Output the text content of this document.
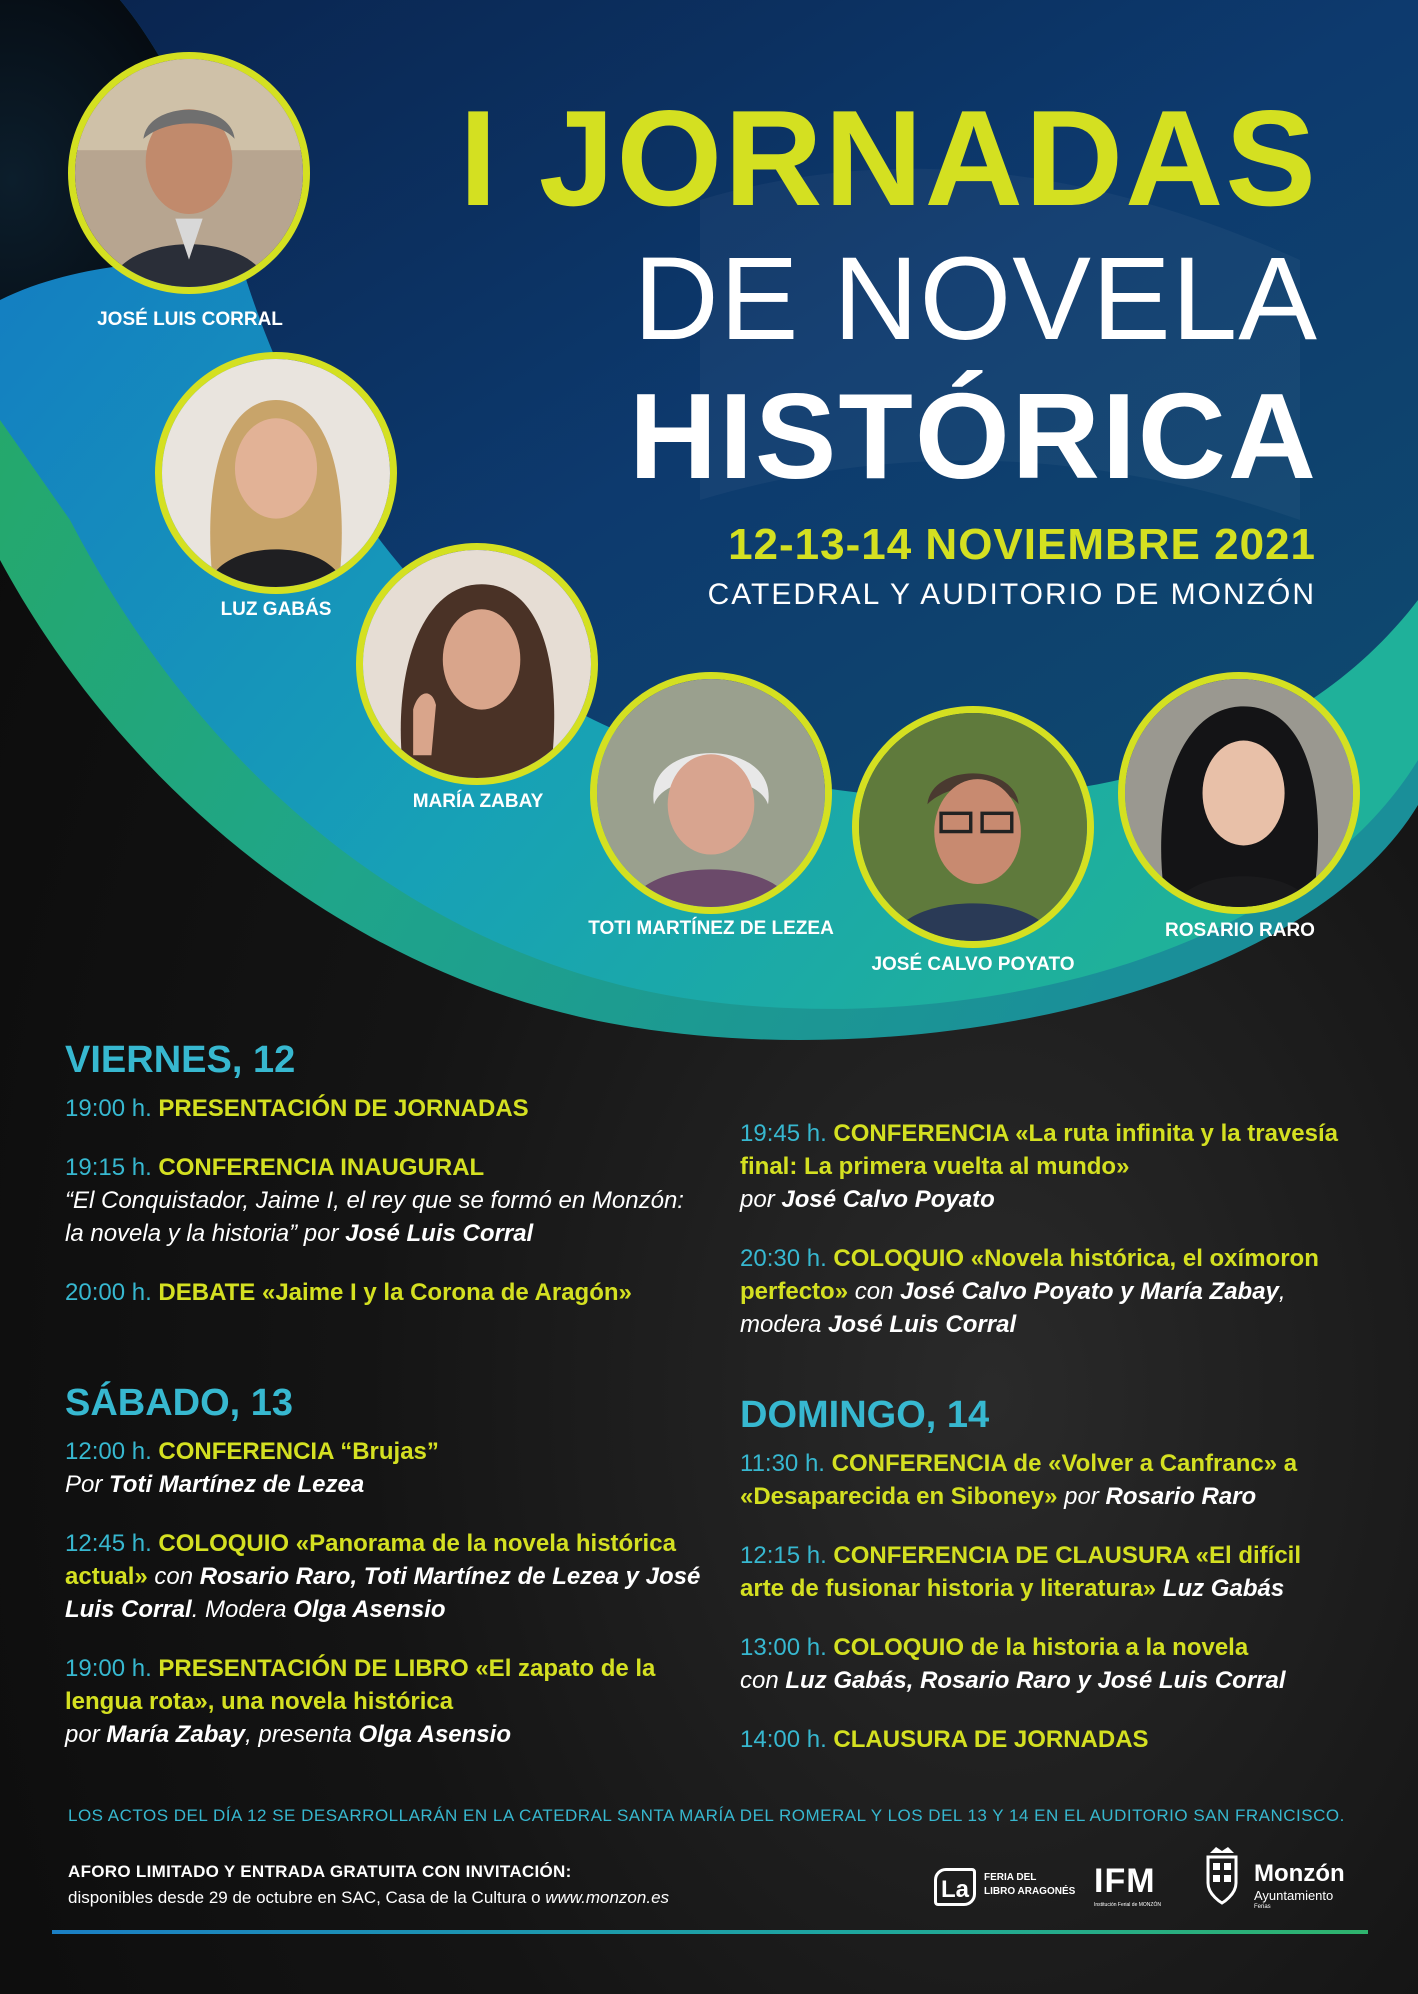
I JORNADAS
DE NOVELA
HISTÓRICA
12-13-14 NOVIEMBRE 2021
CATEDRAL Y AUDITORIO DE MONZÓN
JOSÉ LUIS CORRAL
LUZ GABÁS
MARÍA ZABAY
TOTI MARTÍNEZ DE LEZEA
JOSÉ CALVO POYATO
ROSARIO RARO
VIERNES, 12
19:00 h. PRESENTACIÓN DE JORNADAS
19:15 h. CONFERENCIA INAUGURAL
“El Conquistador, Jaime I, el rey que se formó en Monzón: la novela y la historia” por José Luis Corral
20:00 h. DEBATE «Jaime I y la Corona de Aragón»
SÁBADO, 13
12:00 h. CONFERENCIA “Brujas”
Por Toti Martínez de Lezea
12:45 h. COLOQUIO «Panorama de la novela histórica actual» con Rosario Raro, Toti Martínez de Lezea y José Luis Corral. Modera Olga Asensio
19:00 h. PRESENTACIÓN DE LIBRO «El zapato de la lengua rota», una novela histórica
por María Zabay, presenta Olga Asensio
19:45 h. CONFERENCIA «La ruta infinita y la travesía final: La primera vuelta al mundo»
por José Calvo Poyato
20:30 h. COLOQUIO «Novela histórica, el oxímoron perfecto» con José Calvo Poyato y María Zabay, modera José Luis Corral
DOMINGO, 14
11:30 h. CONFERENCIA de «Volver a Canfranc» a «Desaparecida en Siboney» por Rosario Raro
12:15 h. CONFERENCIA DE CLAUSURA «El difícil arte de fusionar historia y literatura» Luz Gabás
13:00 h. COLOQUIO de la historia a la novela
con Luz Gabás, Rosario Raro y José Luis Corral
14:00 h. CLAUSURA DE JORNADAS
LOS ACTOS DEL DÍA 12 SE DESARROLLARÁN EN LA CATEDRAL SANTA MARÍA DEL ROMERAL Y LOS DEL 13 Y 14 EN EL AUDITORIO SAN FRANCISCO.
AFORO LIMITADO Y ENTRADA GRATUITA CON INVITACIÓN:
disponibles desde 29 de octubre en SAC, Casa de la Cultura o www.monzon.es	La	FERIA DEL
LIBRO ARAGONÉS IFM
Institución Ferial de MONZÓN
Monzón
Ayuntamiento
Ferias
